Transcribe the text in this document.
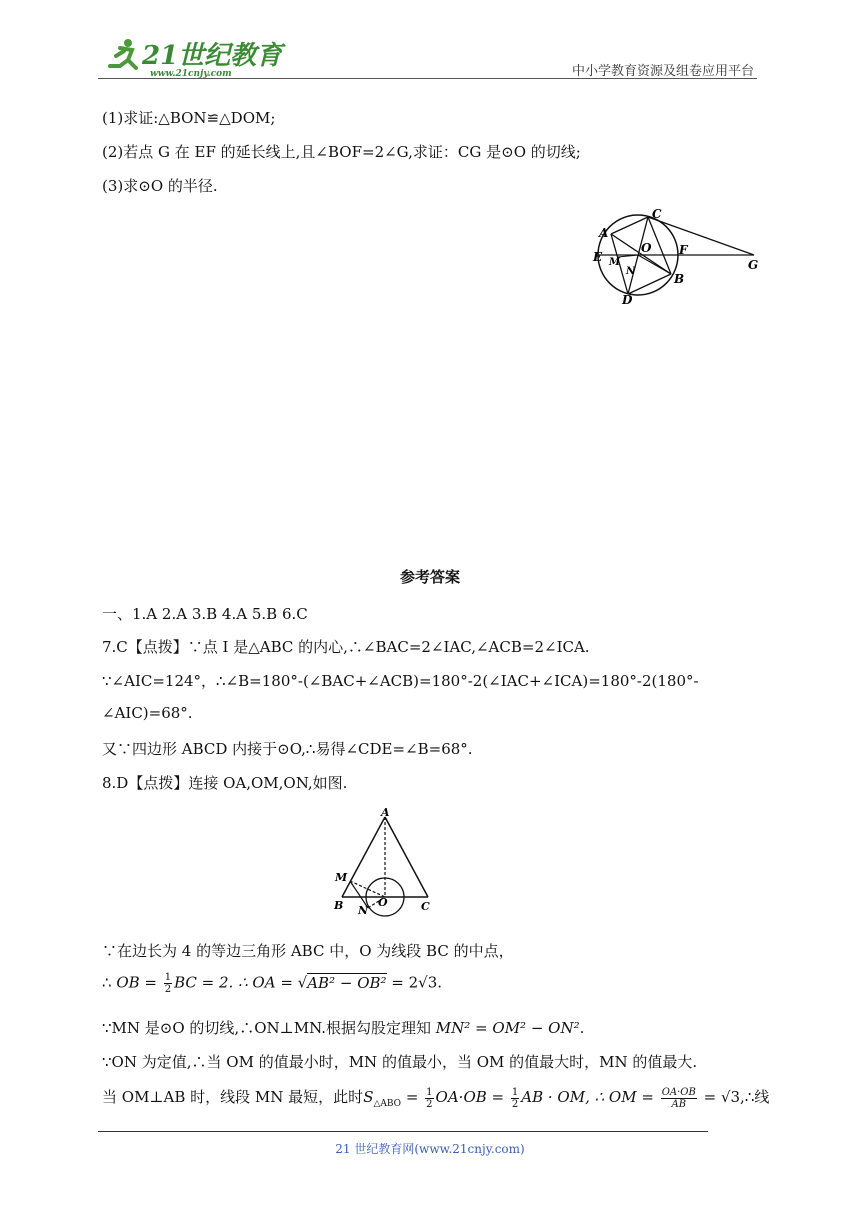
21世纪教育
www.21cnjy.com	中小学教育资源及组卷应用平台
(1)求证:△BON≌△DOM;
(2)若点 G 在 EF 的延长线上,且∠BOF=2∠G,求证：CG 是⊙O 的切线;
(3)求⊙O 的半径.
C
A
O F
E M
N
B
G
D
参考答案
一、1.A 2.A 3.B 4.A 5.B 6.C
7.C【点拨】∵点 I 是△ABC 的内心,∴∠BAC=2∠IAC,∠ACB=2∠ICA.
∵∠AIC=124°，∴∠B=180°-(∠BAC+∠ACB)=180°-2(∠IAC+∠ICA)=180°-2(180°-
∠AIC)=68°.
又∵四边形 ABCD 内接于⊙O,∴易得∠CDE=∠B=68°.
8.D【点拨】连接 OA,OM,ON,如图.
A
M
B N
O	C
∵在边长为 4 的等边三角形 ABC 中，O 为线段 BC 的中点，
∴ OB = $\frac{1}{2}$ BC = 2. ∴ OA = √AB² − OB² = 2√3.
∵MN 是⊙O 的切线,∴ON⊥MN.根据勾股定理知 MN² = OM² − ON².
∵ON 为定值,∴当 OM 的值最小时，MN 的值最小，当 OM 的值最大时，MN 的值最大.
当 OM⊥AB 时，线段 MN 最短，此时$S_{\triangle ABO} = \frac{1}{2} OA\cdot OB = \frac{1}{2}$ AB · OM, ∴ OM = $\frac{OA\cdot OB}{AB}$ = √3,∴线
21 世纪教育网(www.21cnjy.com)
